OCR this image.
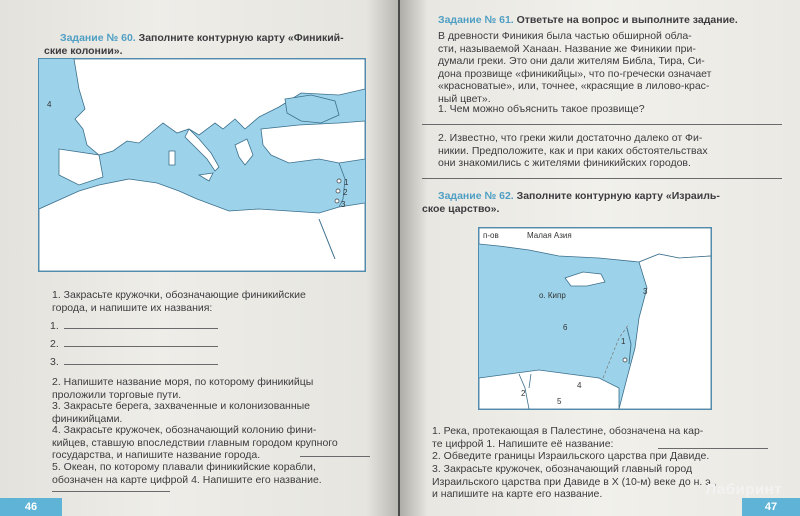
Задание № 60. Заполните контурную карту «Финикий-
ские колонии».
4
1
2
3
1. Закрасьте кружочки, обозначающие финикийские
города, и напишите их названия:
1.
2.
3.
2. Напишите название моря, по которому финикийцы
проложили торговые пути.
3. Закрасьте берега, захваченные и колонизованные
финикийцами.
4. Закрасьте кружочек, обозначающий колонию фини-
кийцев, ставшую впоследствии главным городом крупного
государства, и напишите название города.
5. Океан, по которому плавали финикийские корабли,
обозначен на карте цифрой 4. Напишите его название.
46
Задание № 61. Ответьте на вопрос и выполните задание.
В древности Финикия была частью обширной обла-
сти, называемой Ханаан. Название же Финикии при-
думали греки. Это они дали жителям Библа, Тира, Си-
дона прозвище «финикийцы», что по-гречески означает
«красноватые», или, точнее, «красящие в лилово-крас-
ный цвет».
1. Чем можно объяснить такое прозвище?
2. Известно, что греки жили достаточно далеко от Фи-
никии. Предположите, как и при каких обстоятельствах
они знакомились с жителями финикийских городов.
Задание № 62. Заполните контурную карту «Израиль-
ское царство».
п-ов	Малая Азия
о. Кипр	3
6
1
4
2
5
1. Река, протекающая в Палестине, обозначена на кар-
те цифрой 1. Напишите её название:
2. Обведите границы Израильского царства при Давиде.
3. Закрасьте кружочек, обозначающий главный город
Израильского царства при Давиде в X (10-м) веке до н. э.,
и напишите на карте его название.
47
Лабиринт
